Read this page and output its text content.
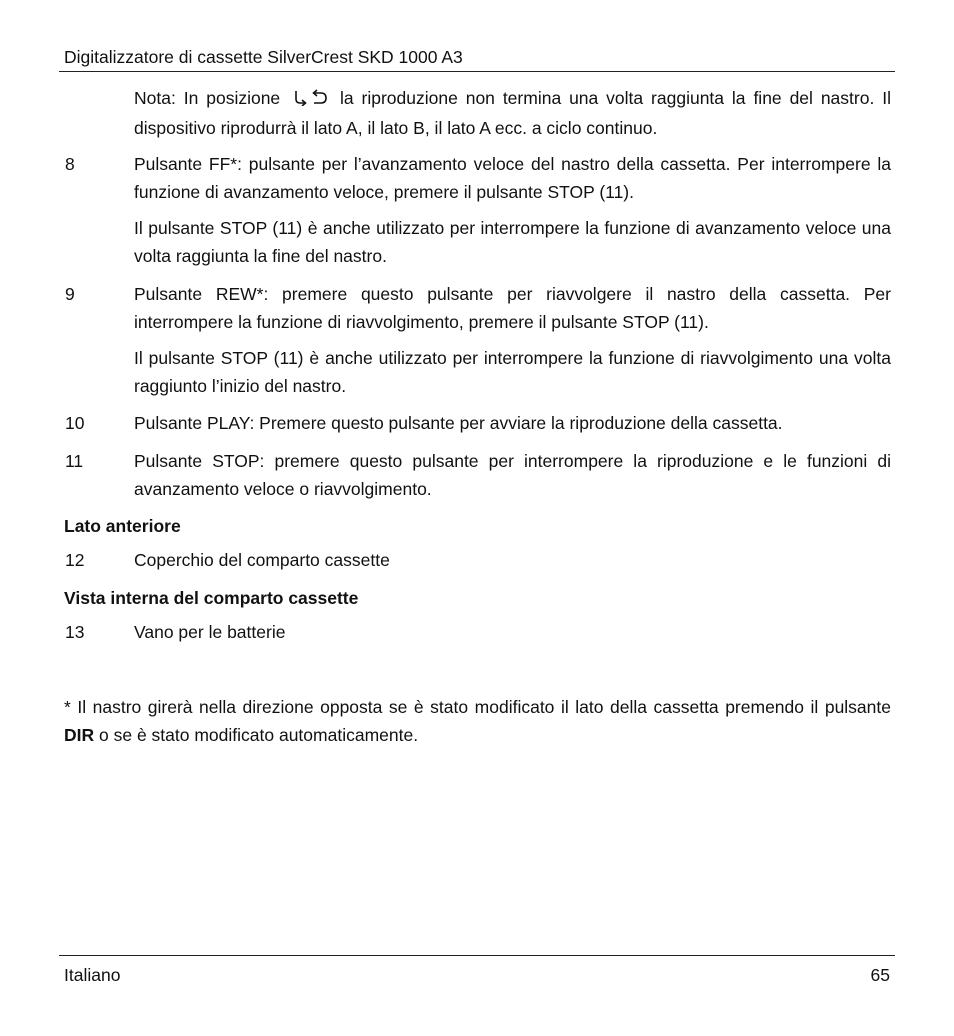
Digitalizzatore di cassette SilverCrest SKD 1000 A3
Nota: In posizione	la riproduzione non termina una volta raggiunta la fine del nastro. Il dispositivo riprodurrà il lato A, il lato B, il lato A ecc. a ciclo continuo.
8	Pulsante FF*: pulsante per l’avanzamento veloce del nastro della cassetta. Per interrompere la funzione di avanzamento veloce, premere il pulsante STOP (11).
Il pulsante STOP (11) è anche utilizzato per interrompere la funzione di avanzamento veloce una volta raggiunta la fine del nastro.
9	Pulsante REW*: premere questo pulsante per riavvolgere il nastro della cassetta. Per interrompere la funzione di riavvolgimento, premere il pulsante STOP (11).
Il pulsante STOP (11) è anche utilizzato per interrompere la funzione di riavvolgimento una volta raggiunto l’inizio del nastro.
10	Pulsante PLAY: Premere questo pulsante per avviare la riproduzione della cassetta.
11	Pulsante STOP: premere questo pulsante per interrompere la riproduzione e le funzioni di avanzamento veloce o riavvolgimento.
Lato anteriore
12	Coperchio del comparto cassette
Vista interna del comparto cassette
13	Vano per le batterie
* Il nastro girerà nella direzione opposta se è stato modificato il lato della cassetta premendo il pulsante DIR o se è stato modificato automaticamente.
Italiano	65
